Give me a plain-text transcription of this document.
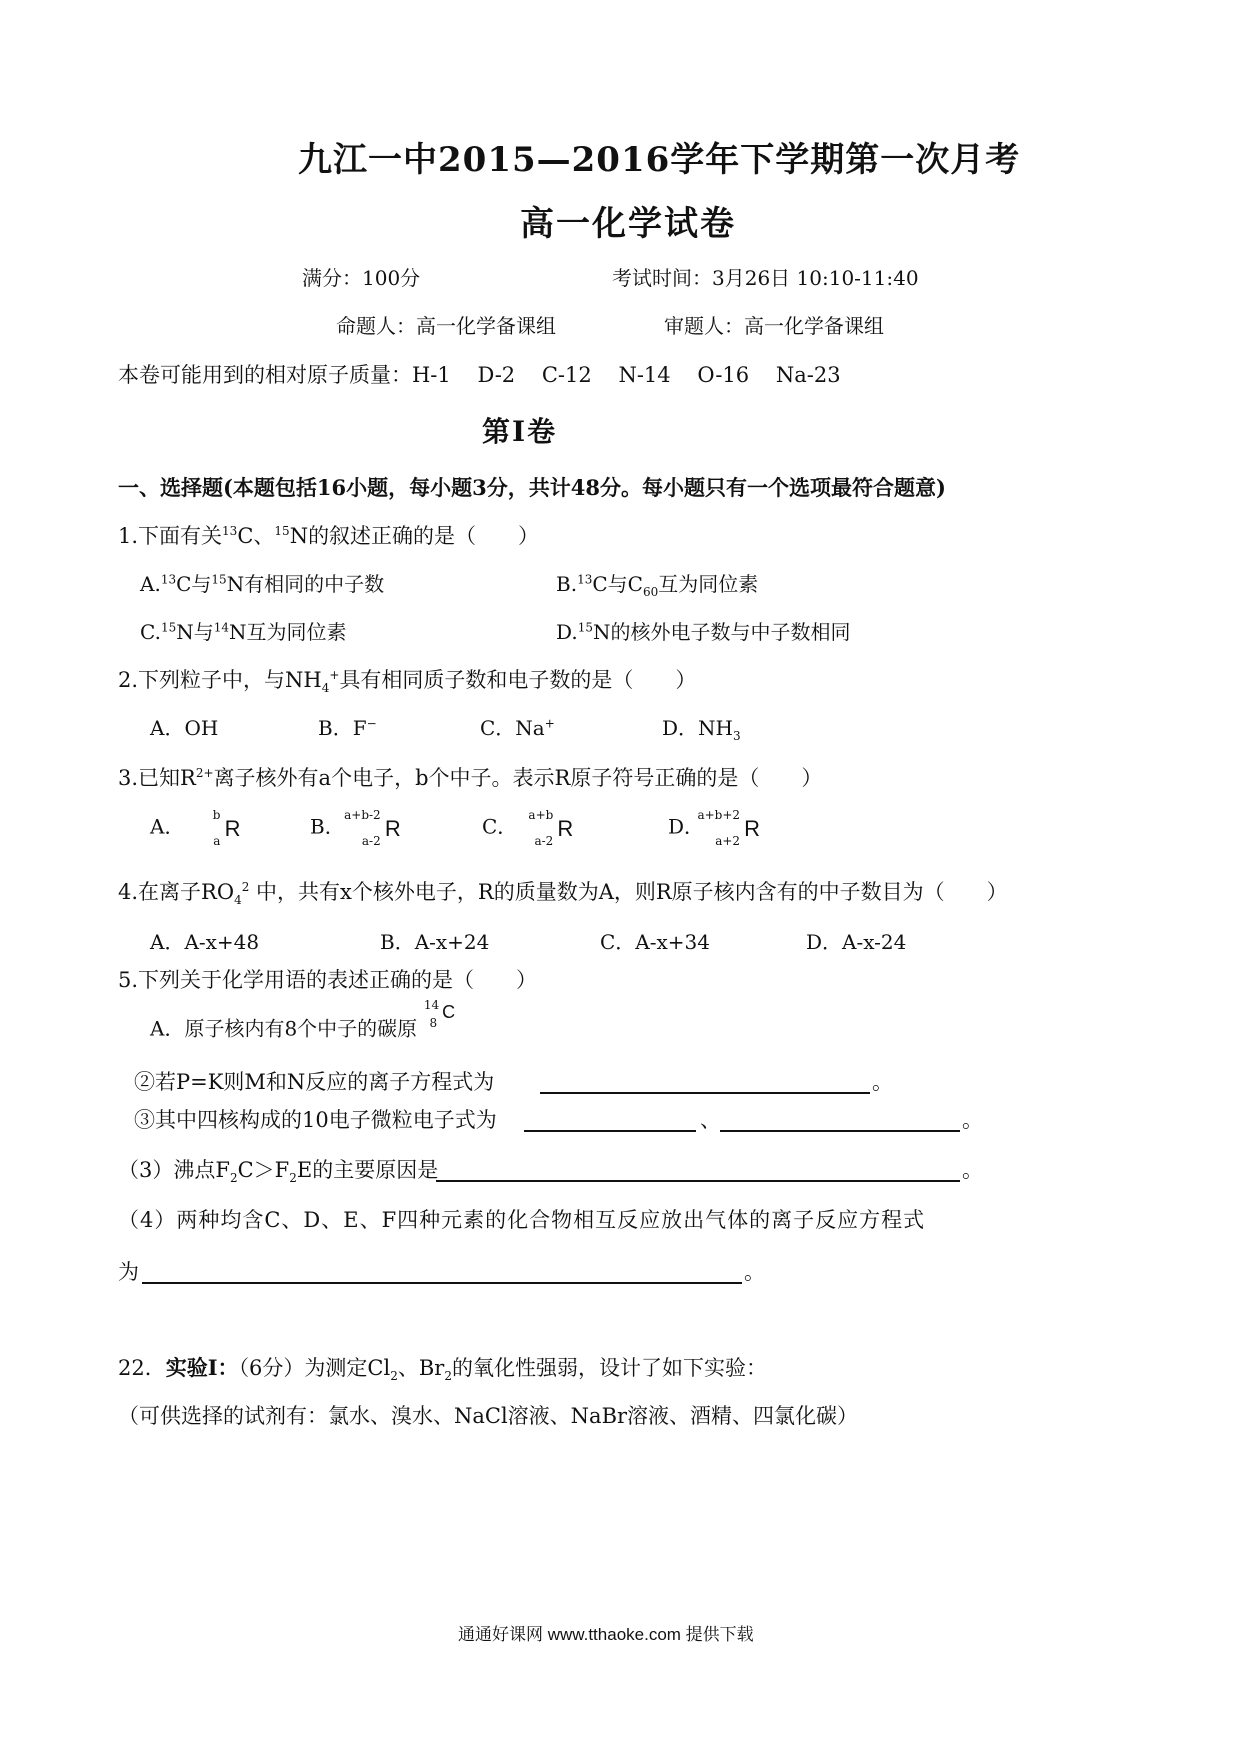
九江一中2015—2016学年下学期第一次月考
高一化学试卷
满分：100分	考试时间：3月26日 10:10-11:40
命题人：高一化学备课组	审题人：高一化学备课组
本卷可能用到的相对原子质量：H-1    D-2    C-12    N-14    O-16    Na-23
第Ⅰ卷
一、选择题(本题包括16小题，每小题3分，共计48分。每小题只有一个选项最符合题意)
1.下面有关$^{13}$C、$^{15}$N的叙述正确的是（　　）
A.$^{13}$C与$^{15}$N有相同的中子数	B.$^{13}$C与$C_{60}$互为同位素
C.$^{15}$N与$^{14}$N互为同位素	D.$^{15}$N的核外电子数与中子数相同
2.下列粒子中，与$NH_4^+$具有相同质子数和电子数的是（　　）
A．OH	B．F−	C．Na+	D．$NH_3$
3.已知$R^{2+}$离子核外有a个电子，b个中子。表示R原子符号正确的是（　　）
A． b
a R	B． a+b-2
a-2 R	C． a+b
a-2 R	D．
a+b+2
a+2 R
4.在离子$RO_4^2$ 中，共有x个核外电子，R的质量数为A，则R原子核内含有的中子数目为（　　）
A．A-x+48	B．A-x+24	C．A-x+34	D．A-x-24
5.下列关于化学用语的表述正确的是（　　）
A．原子核内有8个中子的碳原
14
8
C
②若P=K则M和N反应的离子方程式为	。
③其中四核构成的10电子微粒电子式为	、	。
（3）沸点$F_2C>F_2E$的主要原因是	。
（4）两种均含C、D、E、F四种元素的化合物相互反应放出气体的离子反应方程式
为	。
22．实验Ⅰ：（6分）为测定$Cl_2$、$Br_2$的氧化性强弱，设计了如下实验：
（可供选择的试剂有：氯水、溴水、NaCl溶液、NaBr溶液、酒精、四氯化碳）
通通好课网 www.tthaoke.com 提供下载
